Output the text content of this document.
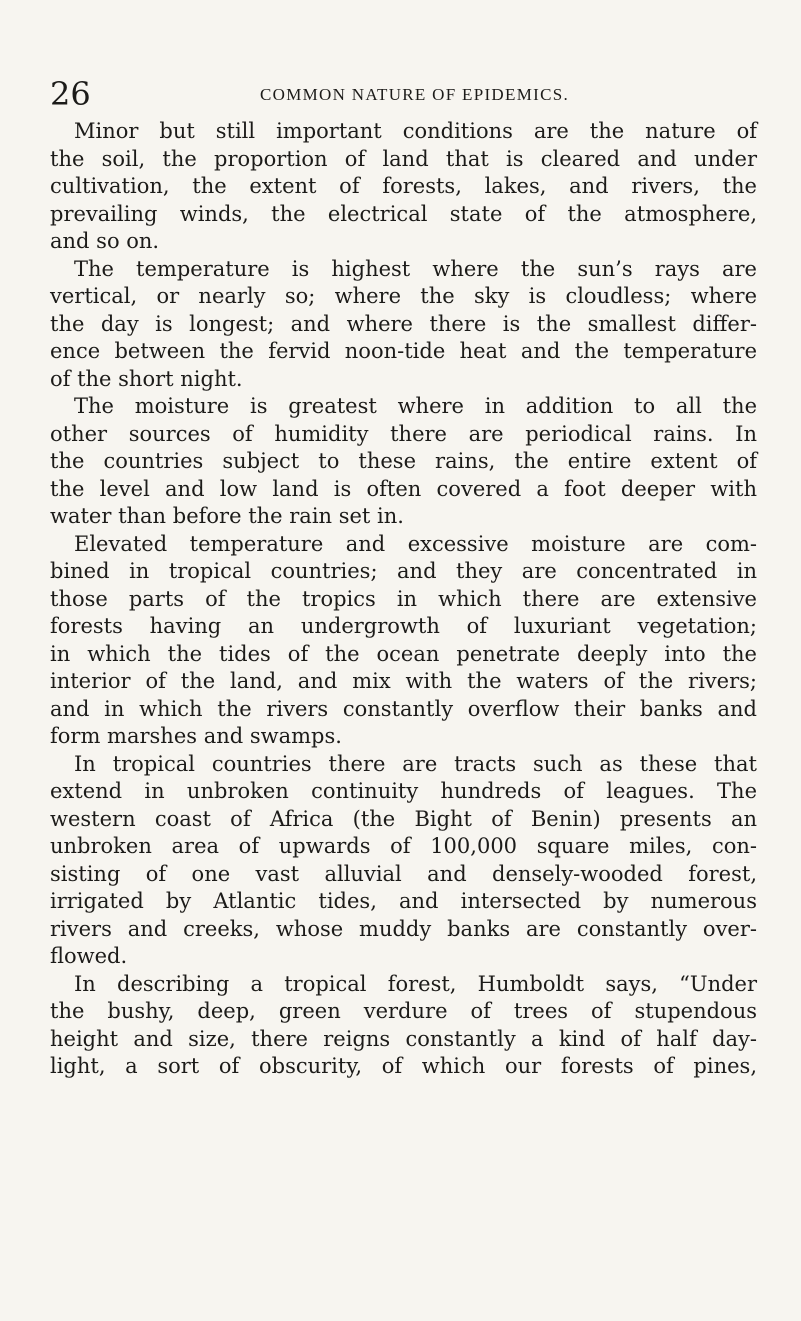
26	COMMON NATURE OF EPIDEMICS.
Minor but still important conditions are the nature of
the soil, the proportion of land that is cleared and under
cultivation, the extent of forests, lakes, and rivers, the
prevailing winds, the electrical state of the atmosphere,
and so on.
The temperature is highest where the sun’s rays are
vertical, or nearly so; where the sky is cloudless; where
the day is longest; and where there is the smallest differ-
ence between the fervid noon-tide heat and the temperature
of the short night.
The moisture is greatest where in addition to all the
other sources of humidity there are periodical rains. In
the countries subject to these rains, the entire extent of
the level and low land is often covered a foot deeper with
water than before the rain set in.
Elevated temperature and excessive moisture are com-
bined in tropical countries; and they are concentrated in
those parts of the tropics in which there are extensive
forests having an undergrowth of luxuriant vegetation;
in which the tides of the ocean penetrate deeply into the
interior of the land, and mix with the waters of the rivers;
and in which the rivers constantly overflow their banks and
form marshes and swamps.
In tropical countries there are tracts such as these that
extend in unbroken continuity hundreds of leagues. The
western coast of Africa (the Bight of Benin) presents an
unbroken area of upwards of 100,000 square miles, con-
sisting of one vast alluvial and densely-wooded forest,
irrigated by Atlantic tides, and intersected by numerous
rivers and creeks, whose muddy banks are constantly over-
flowed.
In describing a tropical forest, Humboldt says, “Under
the bushy, deep, green verdure of trees of stupendous
height and size, there reigns constantly a kind of half day-
light, a sort of obscurity, of which our forests of pines,
